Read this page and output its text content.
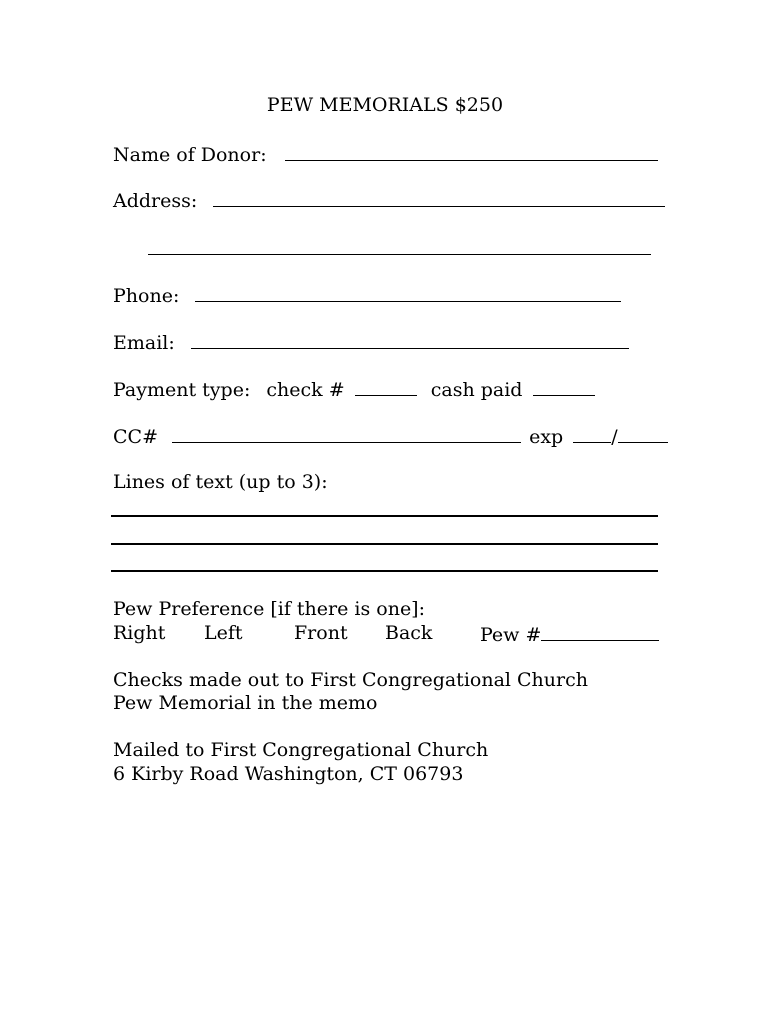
PEW MEMORIALS $250
Name of Donor:
Address:
Phone:
Email:
Payment type: check #	cash paid
CC#	exp	/
Lines of text (up to 3):
Pew Preference [if there is one]:
Right Left	Front Back	Pew #
Checks made out to First Congregational Church
Pew Memorial in the memo
Mailed to First Congregational Church
6 Kirby Road Washington, CT 06793
